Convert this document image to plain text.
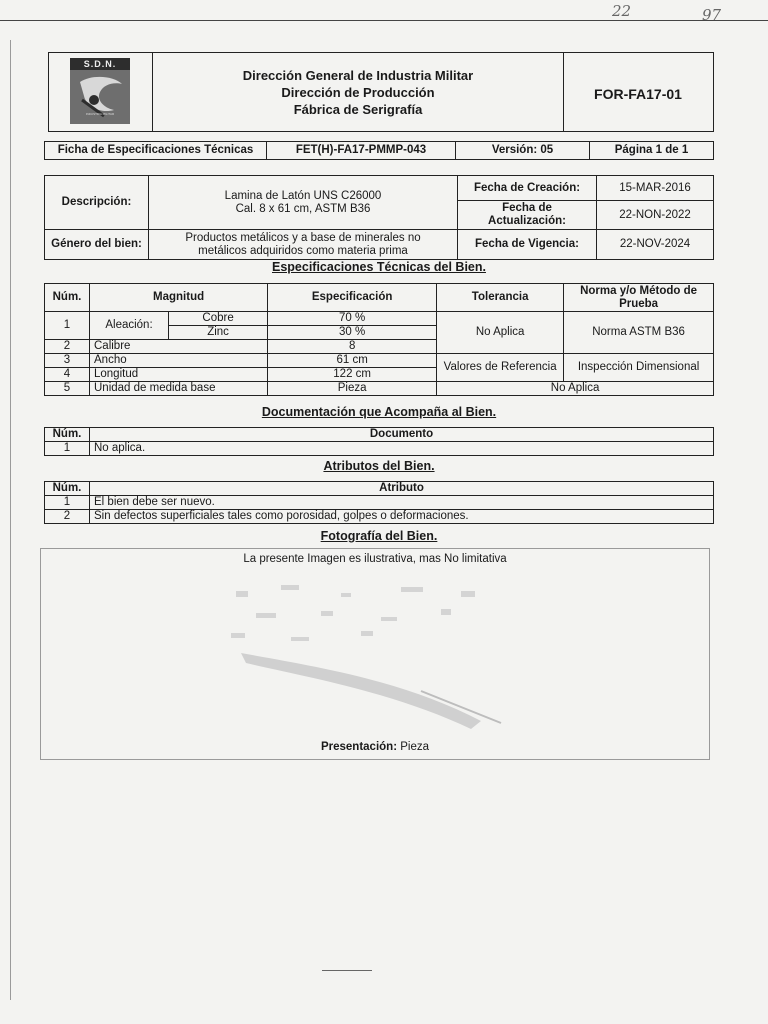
22	97
S.D.N.
INDUSTRIA MILITAR
Dirección General de Industria Militar
Dirección de Producción
Fábrica de Serigrafía
FOR-FA17-01
Ficha de Especificaciones Técnicas	FET(H)-FA17-PMMP-043	Versión: 05	Página 1 de 1
Descripción:	Lamina de Latón UNS C26000
Cal. 8 x 61 cm, ASTM B36	Fecha de Creación:	15-MAR-2016
		Fecha de Actualización:	22-NON-2022
Género del bien:	Productos metálicos y a base de minerales no
metálicos adquiridos como materia prima	Fecha de Vigencia:	22-NOV-2024
Especificaciones Técnicas del Bien.
Núm.	Magnitud		Especificación	Tolerancia	Norma y/o Método de Prueba
1	Aleación:	Cobre	70 %	No Aplica	Norma ASTM B36
		Zinc	30 %		
2	Calibre		8		
3	Ancho		61 cm	Valores de Referencia	Inspección Dimensional
4	Longitud		122 cm		
5	Unidad de medida base		Pieza	No Aplica	
Documentación que Acompaña al Bien.
Núm.	Documento
1	No aplica.
Atributos del Bien.
Núm.	Atributo
1	El bien debe ser nuevo.
2	Sin defectos superficiales tales como porosidad, golpes o deformaciones.
Fotografía del Bien.
La presente Imagen es ilustrativa, mas No limitativa
Presentación: Pieza
